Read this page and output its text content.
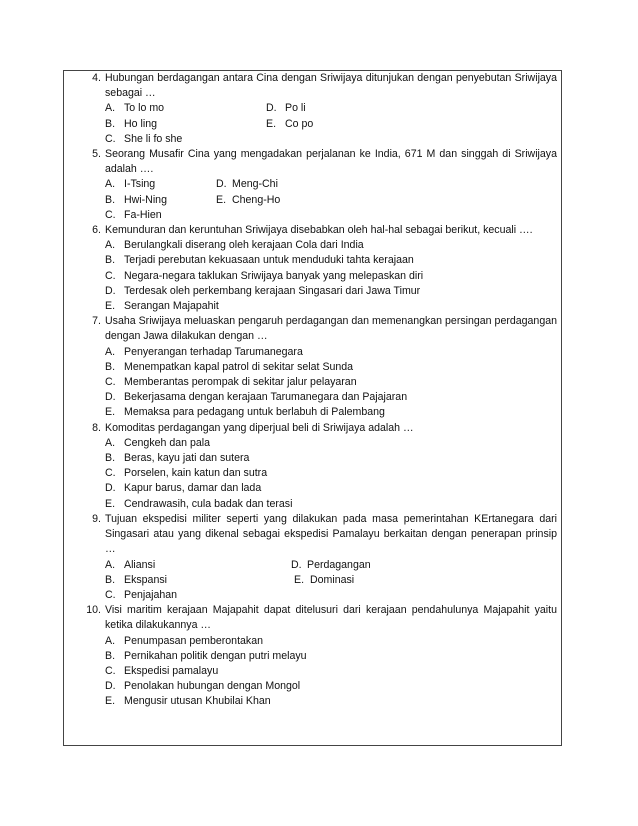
4. Hubungan berdagangan antara Cina dengan Sriwijaya ditunjukan dengan penyebutan Sriwijaya sebagai …
A. To lo mo	D. Po li
B. Ho ling	E. Co po
C. She li fo she
5. Seorang Musafir Cina yang mengadakan perjalanan ke India, 671 M dan singgah di Sriwijaya adalah ….
A. I-Tsing	D. Meng-Chi
B. Hwi-Ning	E. Cheng-Ho
C. Fa-Hien
6. Kemunduran dan keruntuhan Sriwijaya disebabkan oleh hal-hal sebagai berikut, kecuali ….
A. Berulangkali diserang oleh kerajaan Cola dari India
B. Terjadi perebutan kekuasaan untuk menduduki tahta kerajaan
C. Negara-negara taklukan Sriwijaya banyak yang melepaskan diri
D. Terdesak oleh perkembang kerajaan Singasari dari Jawa Timur
E. Serangan Majapahit
7. Usaha Sriwijaya meluaskan pengaruh perdagangan dan memenangkan persingan perdagangan dengan Jawa dilakukan dengan …
A. Penyerangan terhadap Tarumanegara
B. Menempatkan kapal patrol di sekitar selat Sunda
C. Memberantas perompak di sekitar jalur pelayaran
D. Bekerjasama dengan kerajaan Tarumanegara dan Pajajaran
E. Memaksa para pedagang untuk berlabuh di Palembang
8. Komoditas perdagangan yang diperjual beli di Sriwijaya adalah …
A. Cengkeh dan pala
B. Beras, kayu jati dan sutera
C. Porselen, kain katun dan sutra
D. Kapur barus, damar dan lada
E. Cendrawasih, cula badak dan terasi
9. Tujuan ekspedisi militer seperti yang dilakukan pada masa pemerintahan KErtanegara dari Singasari atau yang dikenal sebagai ekspedisi Pamalayu berkaitan dengan penerapan prinsip …
A. Aliansi	D. Perdagangan
B. Ekspansi	E. Dominasi
C. Penjajahan
10. Visi maritim kerajaan Majapahit dapat ditelusuri dari kerajaan pendahulunya Majapahit yaitu ketika dilakukannya …
A. Penumpasan pemberontakan
B. Pernikahan politik dengan putri melayu
C. Ekspedisi pamalayu
D. Penolakan hubungan dengan Mongol
E. Mengusir utusan Khubilai Khan
